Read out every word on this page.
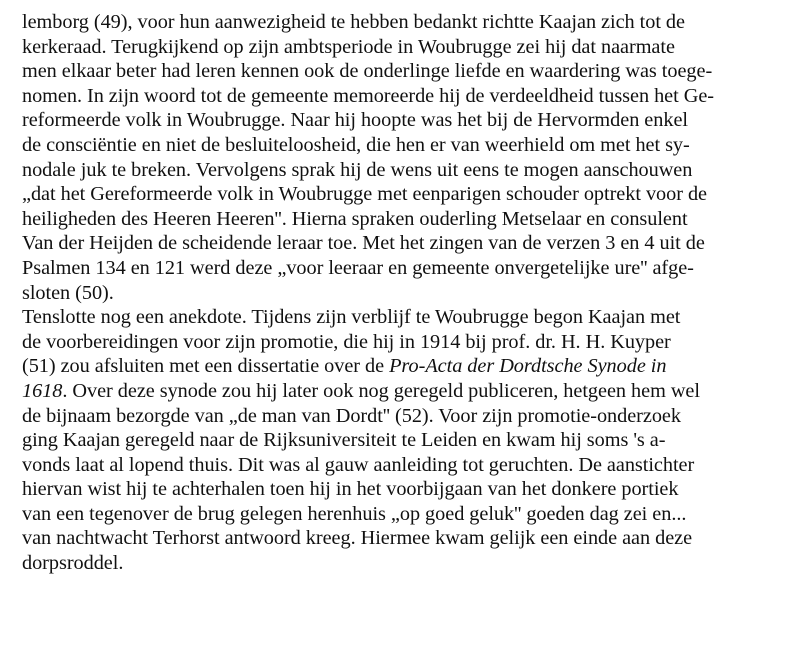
lemborg (49), voor hun aanwezigheid te hebben bedankt richtte Kaajan zich tot de
kerkeraad. Terugkijkend op zijn ambtsperiode in Woubrugge zei hij dat naarmate
men elkaar beter had leren kennen ook de onderlinge liefde en waardering was toege-
nomen. In zijn woord tot de gemeente memoreerde hij de verdeeldheid tussen het Ge-
reformeerde volk in Woubrugge. Naar hij hoopte was het bij de Hervormden enkel
de consciëntie en niet de besluiteloosheid, die hen er van weerhield om met het sy-
nodale juk te breken. Vervolgens sprak hij de wens uit eens te mogen aanschouwen
„dat het Gereformeerde volk in Woubrugge met eenparigen schouder optrekt voor de
heiligheden des Heeren Heeren''. Hierna spraken ouderling Metselaar en consulent
Van der Heijden de scheidende leraar toe. Met het zingen van de verzen 3 en 4 uit de
Psalmen 134 en 121 werd deze „voor leeraar en gemeente onvergetelijke ure'' afge-
sloten (50).
Tenslotte nog een anekdote. Tijdens zijn verblijf te Woubrugge begon Kaajan met
de voorbereidingen voor zijn promotie, die hij in 1914 bij prof. dr. H. H. Kuyper
(51) zou afsluiten met een dissertatie over de Pro-Acta der Dordtsche Synode in
1618. Over deze synode zou hij later ook nog geregeld publiceren, hetgeen hem wel
de bijnaam bezorgde van „de man van Dordt'' (52). Voor zijn promotie-onderzoek
ging Kaajan geregeld naar de Rijksuniversiteit te Leiden en kwam hij soms 's a-
vonds laat al lopend thuis. Dit was al gauw aanleiding tot geruchten. De aanstichter
hiervan wist hij te achterhalen toen hij in het voorbijgaan van het donkere portiek
van een tegenover de brug gelegen herenhuis „op goed geluk'' goeden dag zei en...
van nachtwacht Terhorst antwoord kreeg. Hiermee kwam gelijk een einde aan deze
dorpsroddel.
